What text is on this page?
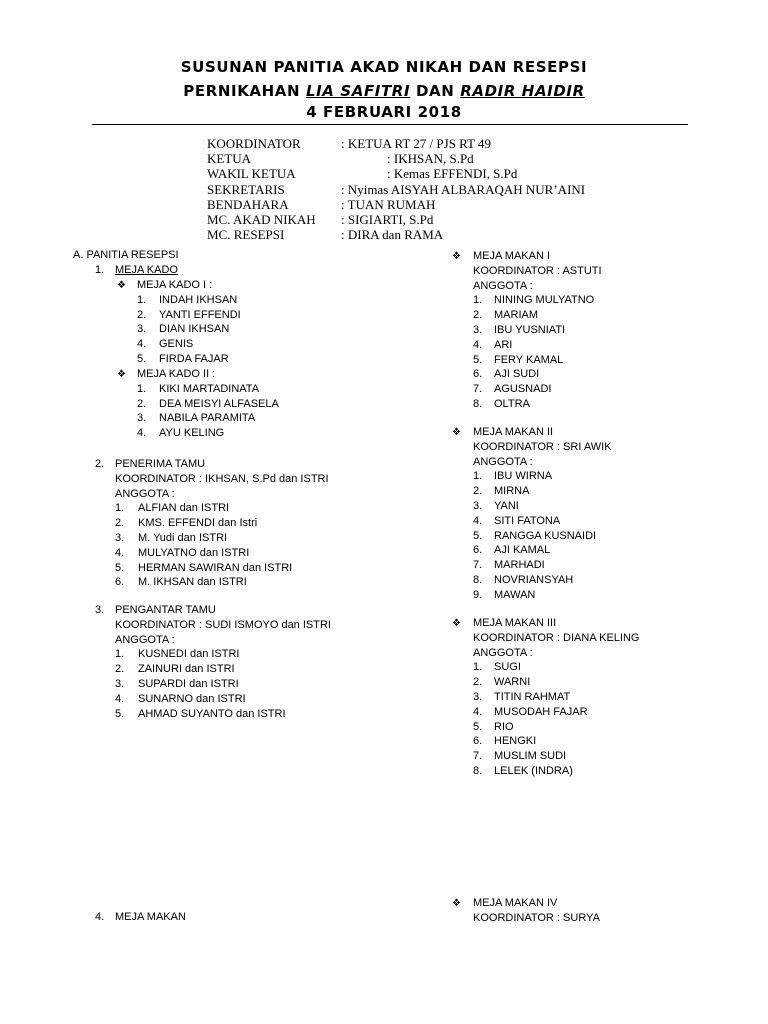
SUSUNAN PANITIA AKAD NIKAH DAN RESEPSI
PERNIKAHAN LIA SAFITRI DAN RADIR HAIDIR
4 FEBRUARI 2018
KOORDINATOR	: KETUA RT 27 / PJS RT 49
KETUA	: IKHSAN, S.Pd
WAKIL KETUA	: Kemas EFFENDI, S.Pd
SEKRETARIS	: Nyimas AISYAH ALBARAQAH NUR’AINI
BENDAHARA	: TUAN RUMAH
MC. AKAD NIKAH : SIGIARTI, S.Pd
MC. RESEPSI	: DIRA dan RAMA
A. PANITIA RESEPSI
1. MEJA KADO
❖ MEJA KADO I :
1. INDAH IKHSAN
2. YANTI EFFENDI
3. DIAN IKHSAN
4. GENIS
5. FIRDA FAJAR
❖ MEJA KADO II :
1. KIKI MARTADINATA
2. DEA MEISYI ALFASELA
3. NABILA PARAMITA
4. AYU KELING
2. PENERIMA TAMU
KOORDINATOR : IKHSAN, S.Pd dan ISTRI
ANGGOTA :
1. ALFIAN dan ISTRI
2. KMS. EFFENDI dan Istri
3. M. Yudi dan ISTRI
4. MULYATNO dan ISTRI
5. HERMAN SAWIRAN dan ISTRI
6. M. IKHSAN dan ISTRI
3. PENGANTAR TAMU
KOORDINATOR : SUDI ISMOYO dan ISTRI
ANGGOTA :
1. KUSNEDI dan ISTRI
2. ZAINURI dan ISTRI
3. SUPARDI dan ISTRI
4. SUNARNO dan ISTRI
5. AHMAD SUYANTO dan ISTRI
4. MEJA MAKAN
❖ MEJA MAKAN I
KOORDINATOR : ASTUTI
ANGGOTA :
1. NINING MULYATNO
2. MARIAM
3. IBU YUSNIATI
4. ARI
5. FERY KAMAL
6. AJI SUDI
7. AGUSNADI
8. OLTRA
❖ MEJA MAKAN II
KOORDINATOR : SRI AWIK
ANGGOTA :
1. IBU WIRNA
2. MIRNA
3. YANI
4. SITI FATONA
5. RANGGA KUSNAIDI
6. AJI KAMAL
7. MARHADI
8. NOVRIANSYAH
9. MAWAN
❖ MEJA MAKAN III
KOORDINATOR : DIANA KELING
ANGGOTA :
1. SUGI
2. WARNI
3. TITIN RAHMAT
4. MUSODAH FAJAR
5. RIO
6. HENGKI
7. MUSLIM SUDI
8. LELEK (INDRA)
❖ MEJA MAKAN IV
KOORDINATOR : SURYA
